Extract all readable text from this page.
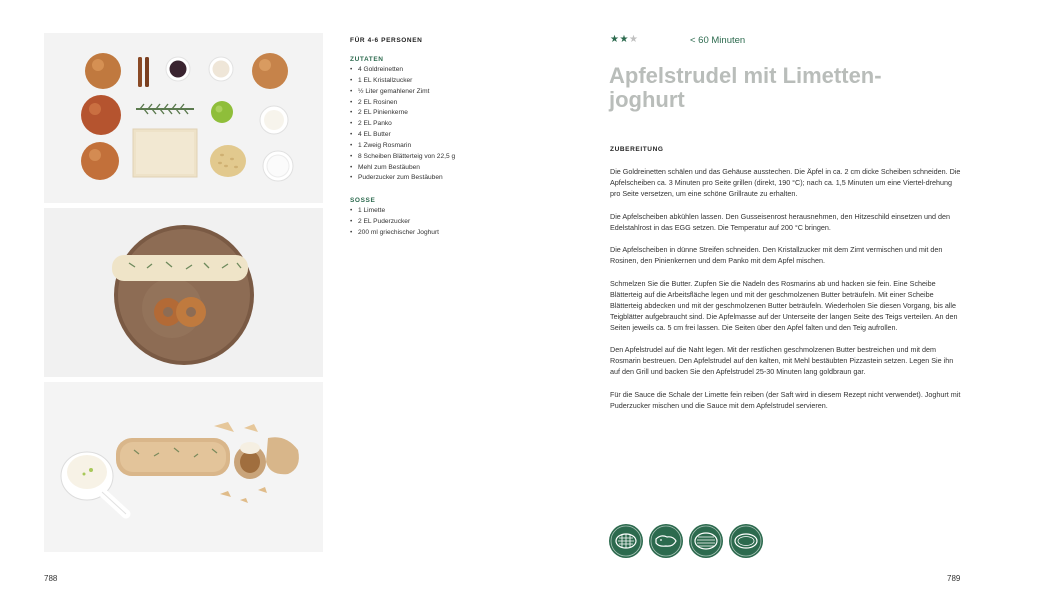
788	789
FÜR 4-6 PERSONEN
ZUTATEN
• 4 Goldreinetten
• 1 EL Kristallzucker
• ½ Liter gemahlener Zimt
• 2 EL Rosinen
• 2 EL Pinienkerne
• 2 EL Panko
• 4 EL Butter
• 1 Zweig Rosmarin
• 8 Scheiben Blätterteig von 22,5 g
• Mehl zum Bestäuben
• Puderzucker zum Bestäuben
SOSSE
• 1 Limette
• 2 EL Puderzucker
• 200 ml griechischer Joghurt
★★★	< 60 Minuten
Apfelstrudel mit Limetten-joghurt
ZUBEREITUNG

Die Goldreinetten schälen und das Gehäuse ausstechen. Die Äpfel in ca. 2 cm dicke Scheiben schneiden. Die Apfelscheiben ca. 3 Minuten pro Seite grillen (direkt, 190 °C); nach ca. 1,5 Minuten um eine Viertel-drehung pro Seite versetzen, um eine schöne Grillraute zu erhalten.

Die Apfelscheiben abkühlen lassen. Den Gusseisenrost herausnehmen, den Hitzeschild einsetzen und den Edelstahlrost in das EGG setzen. Die Temperatur auf 200 °C bringen.

Die Apfelscheiben in dünne Streifen schneiden. Den Kristallzucker mit dem Zimt vermischen und mit den Rosinen, den Pinienkernen und dem Panko mit dem Apfel mischen.

Schmelzen Sie die Butter. Zupfen Sie die Nadeln des Rosmarins ab und hacken sie fein. Eine Scheibe Blätterteig auf die Arbeitsfläche legen und mit der geschmolzenen Butter beträufeln. Mit einer Scheibe Blätterteig abdecken und mit der geschmolzenen Butter beträufeln. Wiederholen Sie diesen Vorgang, bis alle Teigblätter aufgebraucht sind. Die Apfelmasse auf der Unterseite der langen Seite des Teigs verteilen. An den Seiten jeweils ca. 5 cm frei lassen. Die Seiten über den Apfel falten und den Teig aufrollen.

Den Apfelstrudel auf die Naht legen. Mit der restlichen geschmolzenen Butter bestreichen und mit dem Rosmarin bestreuen. Den Apfelstrudel auf den kalten, mit Mehl bestäubten Pizzastein setzen. Legen Sie ihn auf den Grill und backen Sie den Apfelstrudel 25-30 Minuten lang goldbraun gar.

Für die Sauce die Schale der Limette fein reiben (der Saft wird in diesem Rezept nicht verwendet). Joghurt mit Puderzucker mischen und die Sauce mit dem Apfelstrudel servieren.
